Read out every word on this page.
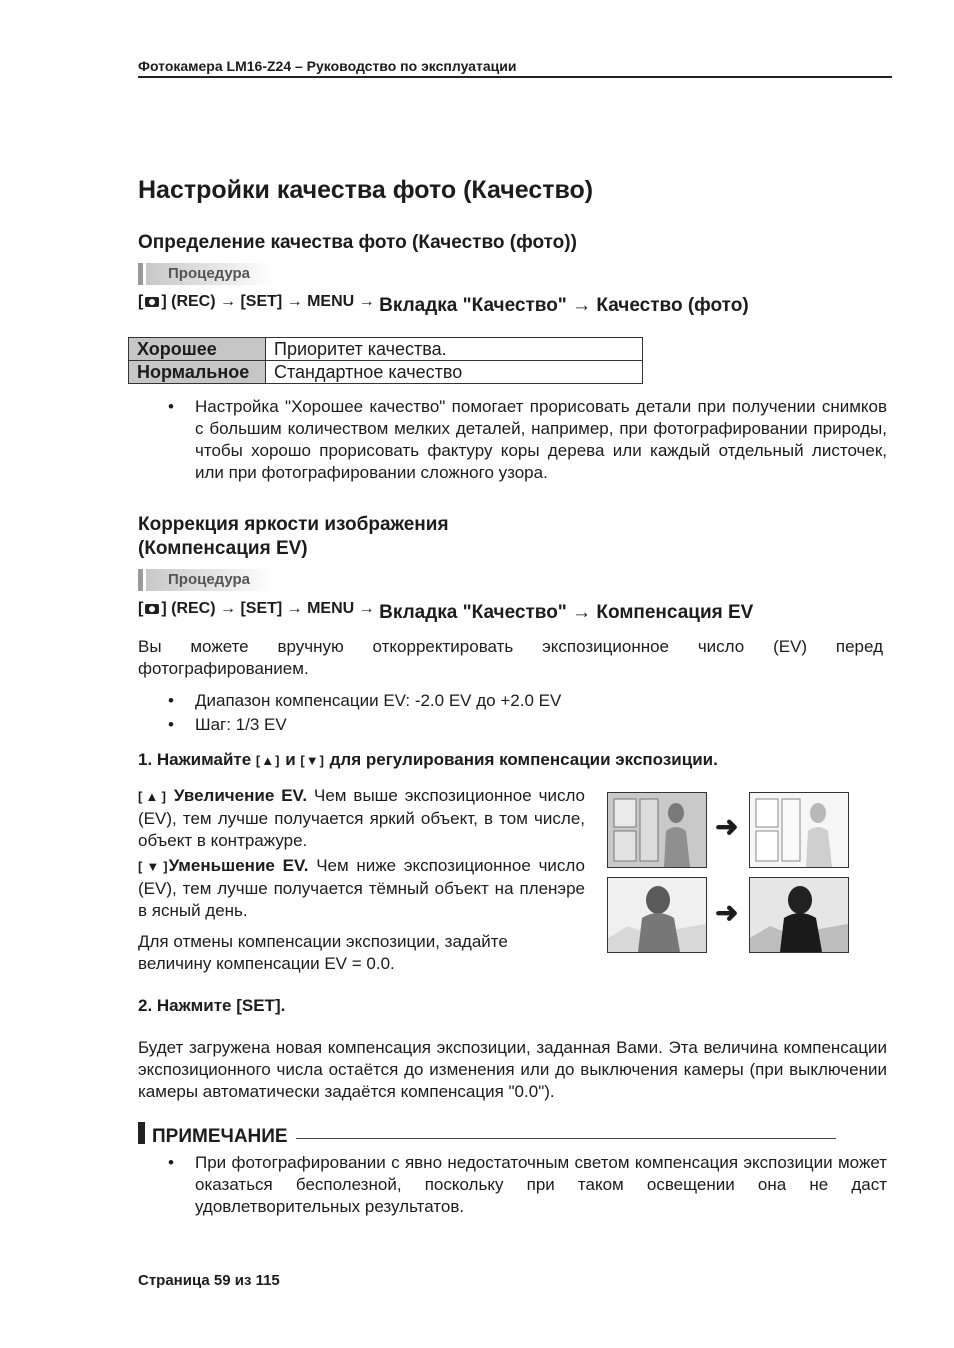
Фотокамера LM16-Z24 – Руководство по эксплуатации
Настройки качества фото (Качество)
Определение качества фото (Качество (фото))
Процедура
[ ] (REC) → [SET] → MENU → Вкладка "Качество" → Качество (фото)
Хорошее	Приоритет качества.
Нормальное	Стандартное качество
• Настройка "Хорошее качество" помогает прорисовать детали при получении снимков с большим количеством мелких деталей, например, при фотографировании природы, чтобы хорошо прорисовать фактуру коры дерева или каждый отдельный листочек, или при фотографировании сложного узора.
Коррекция яркости изображения
(Компенсация EV)
Процедура
[ ] (REC) → [SET] → MENU → Вкладка "Качество" → Компенсация EV
Вы можете вручную откорректировать экспозиционное число (EV) перед фотографированием.
• Диапазон компенсации EV: -2.0 EV до +2.0 EV
• Шаг: 1/3 EV
1. Нажимайте [▲] и [▼] для регулирования компенсации экспозиции.
[▲] Увеличение EV. Чем выше экспозиционное число (EV), тем лучше получается яркий объект, в том числе, объект в контражуре.
[▼]Уменьшение EV. Чем ниже экспозиционное число (EV), тем лучше получается тёмный объект на пленэре в ясный день.
Для отмены компенсации экспозиции, задайте величину компенсации EV = 0.0.
➜
➜
2. Нажмите [SET].
Будет загружена новая компенсация экспозиции, заданная Вами. Эта величина компенсации экспозиционного числа остаётся до изменения или до выключения камеры (при выключении камеры автоматически задаётся компенсация "0.0").
ПРИМЕЧАНИЕ
• При фотографировании с явно недостаточным светом компенсация экспозиции может оказаться бесполезной, поскольку при таком освещении она не даст удовлетворительных результатов.
Страница 59 из 115
